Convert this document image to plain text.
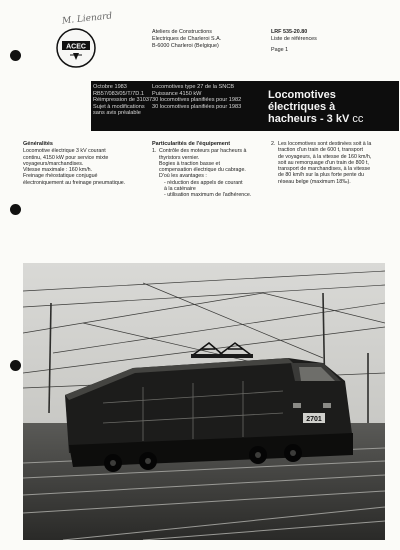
M. Lienard
ACEC
Ateliers de Constructions
Electriques de Charleroi S.A.
B-6000 Charleroi (Belgique)
LRF 535-20.80
Liste de références
Page 1
Octobre 1983
RB57/083/05/T/7D.1
Réimpression de 31037
Sujet à modifications
sans avis préalable
Locomotives type 27 de la SNCB
Puissance 4150 kW
30 locomotives planifiées pour 1982
30 locomotives planifiées pour 1983
Locomotives
électriques à
hacheurs - 3 kV cc
Généralités
Locomotive électrique 3 kV courant
continu, 4150 kW pour service mixte
voyageurs/marchandises.
Vitesse maximale : 160 km/h.
Freinage rhéostatique conjugué
électroniquement au freinage pneumatique.
Particularités de l'équipement
1. Contrôle des moteurs par hacheurs à
thyristors vernier.
Bogies à traction basse et
compensation électrique du cabrage.
D'où les avantages :
- réduction des appels de courant
à la caténaire
- utilisation maximum de l'adhérence.
2. Les locomotives sont destinées soit à la
traction d'un train de 600 t, transport
de voyageurs, à la vitesse de 160 km/h,
soit au remorquage d'un train de 800 t,
transport de marchandises, à la vitesse
de 80 km/h sur la plus forte pente du
réseau belge (maximum 18‰).
2701
